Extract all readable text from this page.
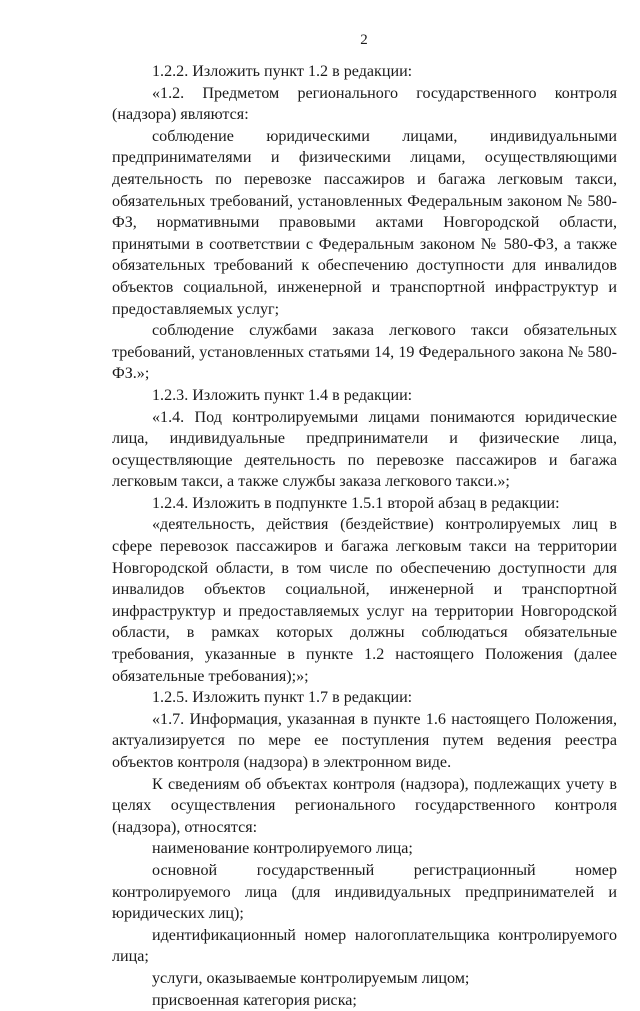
2

1.2.2. Изложить пункт 1.2 в редакции:

«1.2. Предметом регионального государственного контроля (надзора) являются:

соблюдение юридическими лицами, индивидуальными предпринимателями и физическими лицами, осуществляющими деятельность по перевозке пассажиров и багажа легковым такси, обязательных требований, установленных Федеральным законом № 580-ФЗ, нормативными правовыми актами Новгородской области, принятыми в соответствии с Федеральным законом № 580-ФЗ, а также обязательных требований к обеспечению доступности для инвалидов объектов социальной, инженерной и транспортной инфраструктур и предоставляемых услуг;

соблюдение службами заказа легкового такси обязательных требований, установленных статьями 14, 19 Федерального закона № 580-ФЗ.»;

1.2.3. Изложить пункт 1.4 в редакции:

«1.4. Под контролируемыми лицами понимаются юридические лица, индивидуальные предприниматели и физические лица, осуществляющие деятельность по перевозке пассажиров и багажа легковым такси, а также службы заказа легкового такси.»;

1.2.4. Изложить в подпункте 1.5.1 второй абзац в редакции:

«деятельность, действия (бездействие) контролируемых лиц в сфере перевозок пассажиров и багажа легковым такси на территории Новгородской области, в том числе по обеспечению доступности для инвалидов объектов социальной, инженерной и транспортной инфраструктур и предоставляемых услуг на территории Новгородской области, в рамках которых должны соблюдаться обязательные требования, указанные в пункте 1.2 настоящего Положения (далее обязательные требования);»;

1.2.5. Изложить пункт 1.7 в редакции:

«1.7. Информация, указанная в пункте 1.6 настоящего Положения, актуализируется по мере ее поступления путем ведения реестра объектов контроля (надзора) в электронном виде.

К сведениям об объектах контроля (надзора), подлежащих учету в целях осуществления регионального государственного контроля (надзора), относятся:

наименование контролируемого лица;

основной государственный регистрационный номер контролируемого лица (для индивидуальных предпринимателей и юридических лиц);

идентификационный номер налогоплательщика контролируемого лица;

услуги, оказываемые контролируемым лицом;

присвоенная категория риска;
